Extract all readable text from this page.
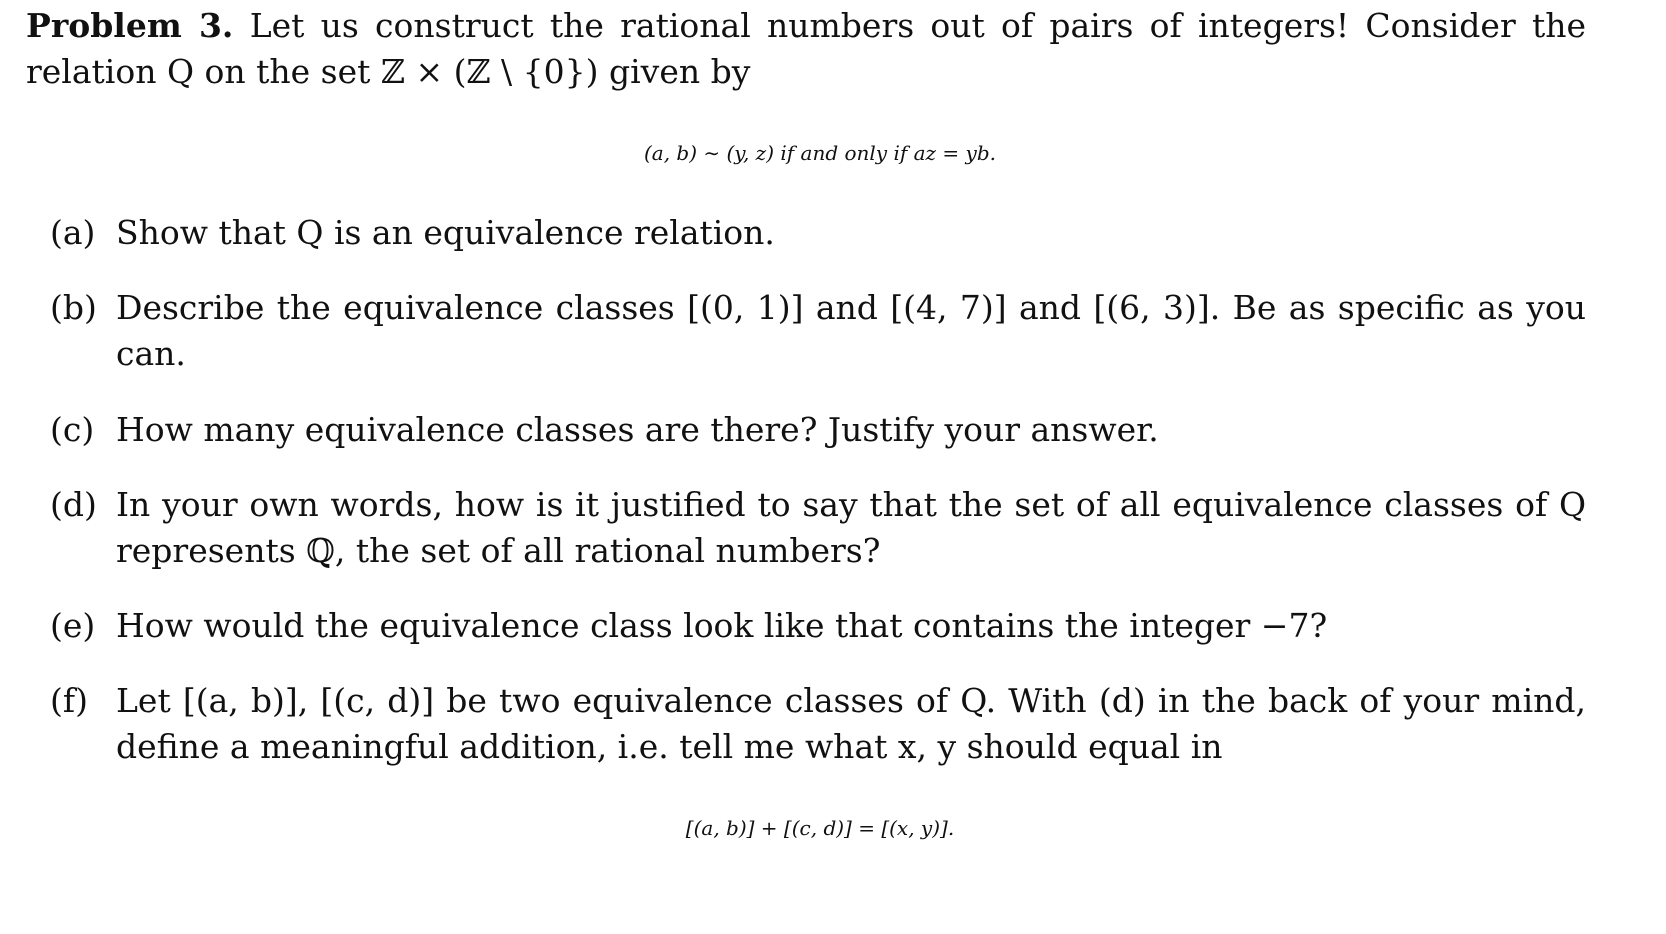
Problem 3. Let us construct the rational numbers out of pairs of integers! Consider the
relation Q on the set ℤ × (ℤ \ {0}) given by
(a, b) ∼ (y, z) if and only if az = yb.
(a) Show that Q is an equivalence relation.
(b) Describe the equivalence classes [(0, 1)] and [(4, 7)] and [(6, 3)]. Be as specific as you
can.
(c) How many equivalence classes are there? Justify your answer.
(d) In your own words, how is it justified to say that the set of all equivalence classes of Q
represents ℚ, the set of all rational numbers?
(e) How would the equivalence class look like that contains the integer −7?
(f) Let [(a, b)], [(c, d)] be two equivalence classes of Q. With (d) in the back of your mind,
define a meaningful addition, i.e. tell me what x, y should equal in
[(a, b)] + [(c, d)] = [(x, y)].
